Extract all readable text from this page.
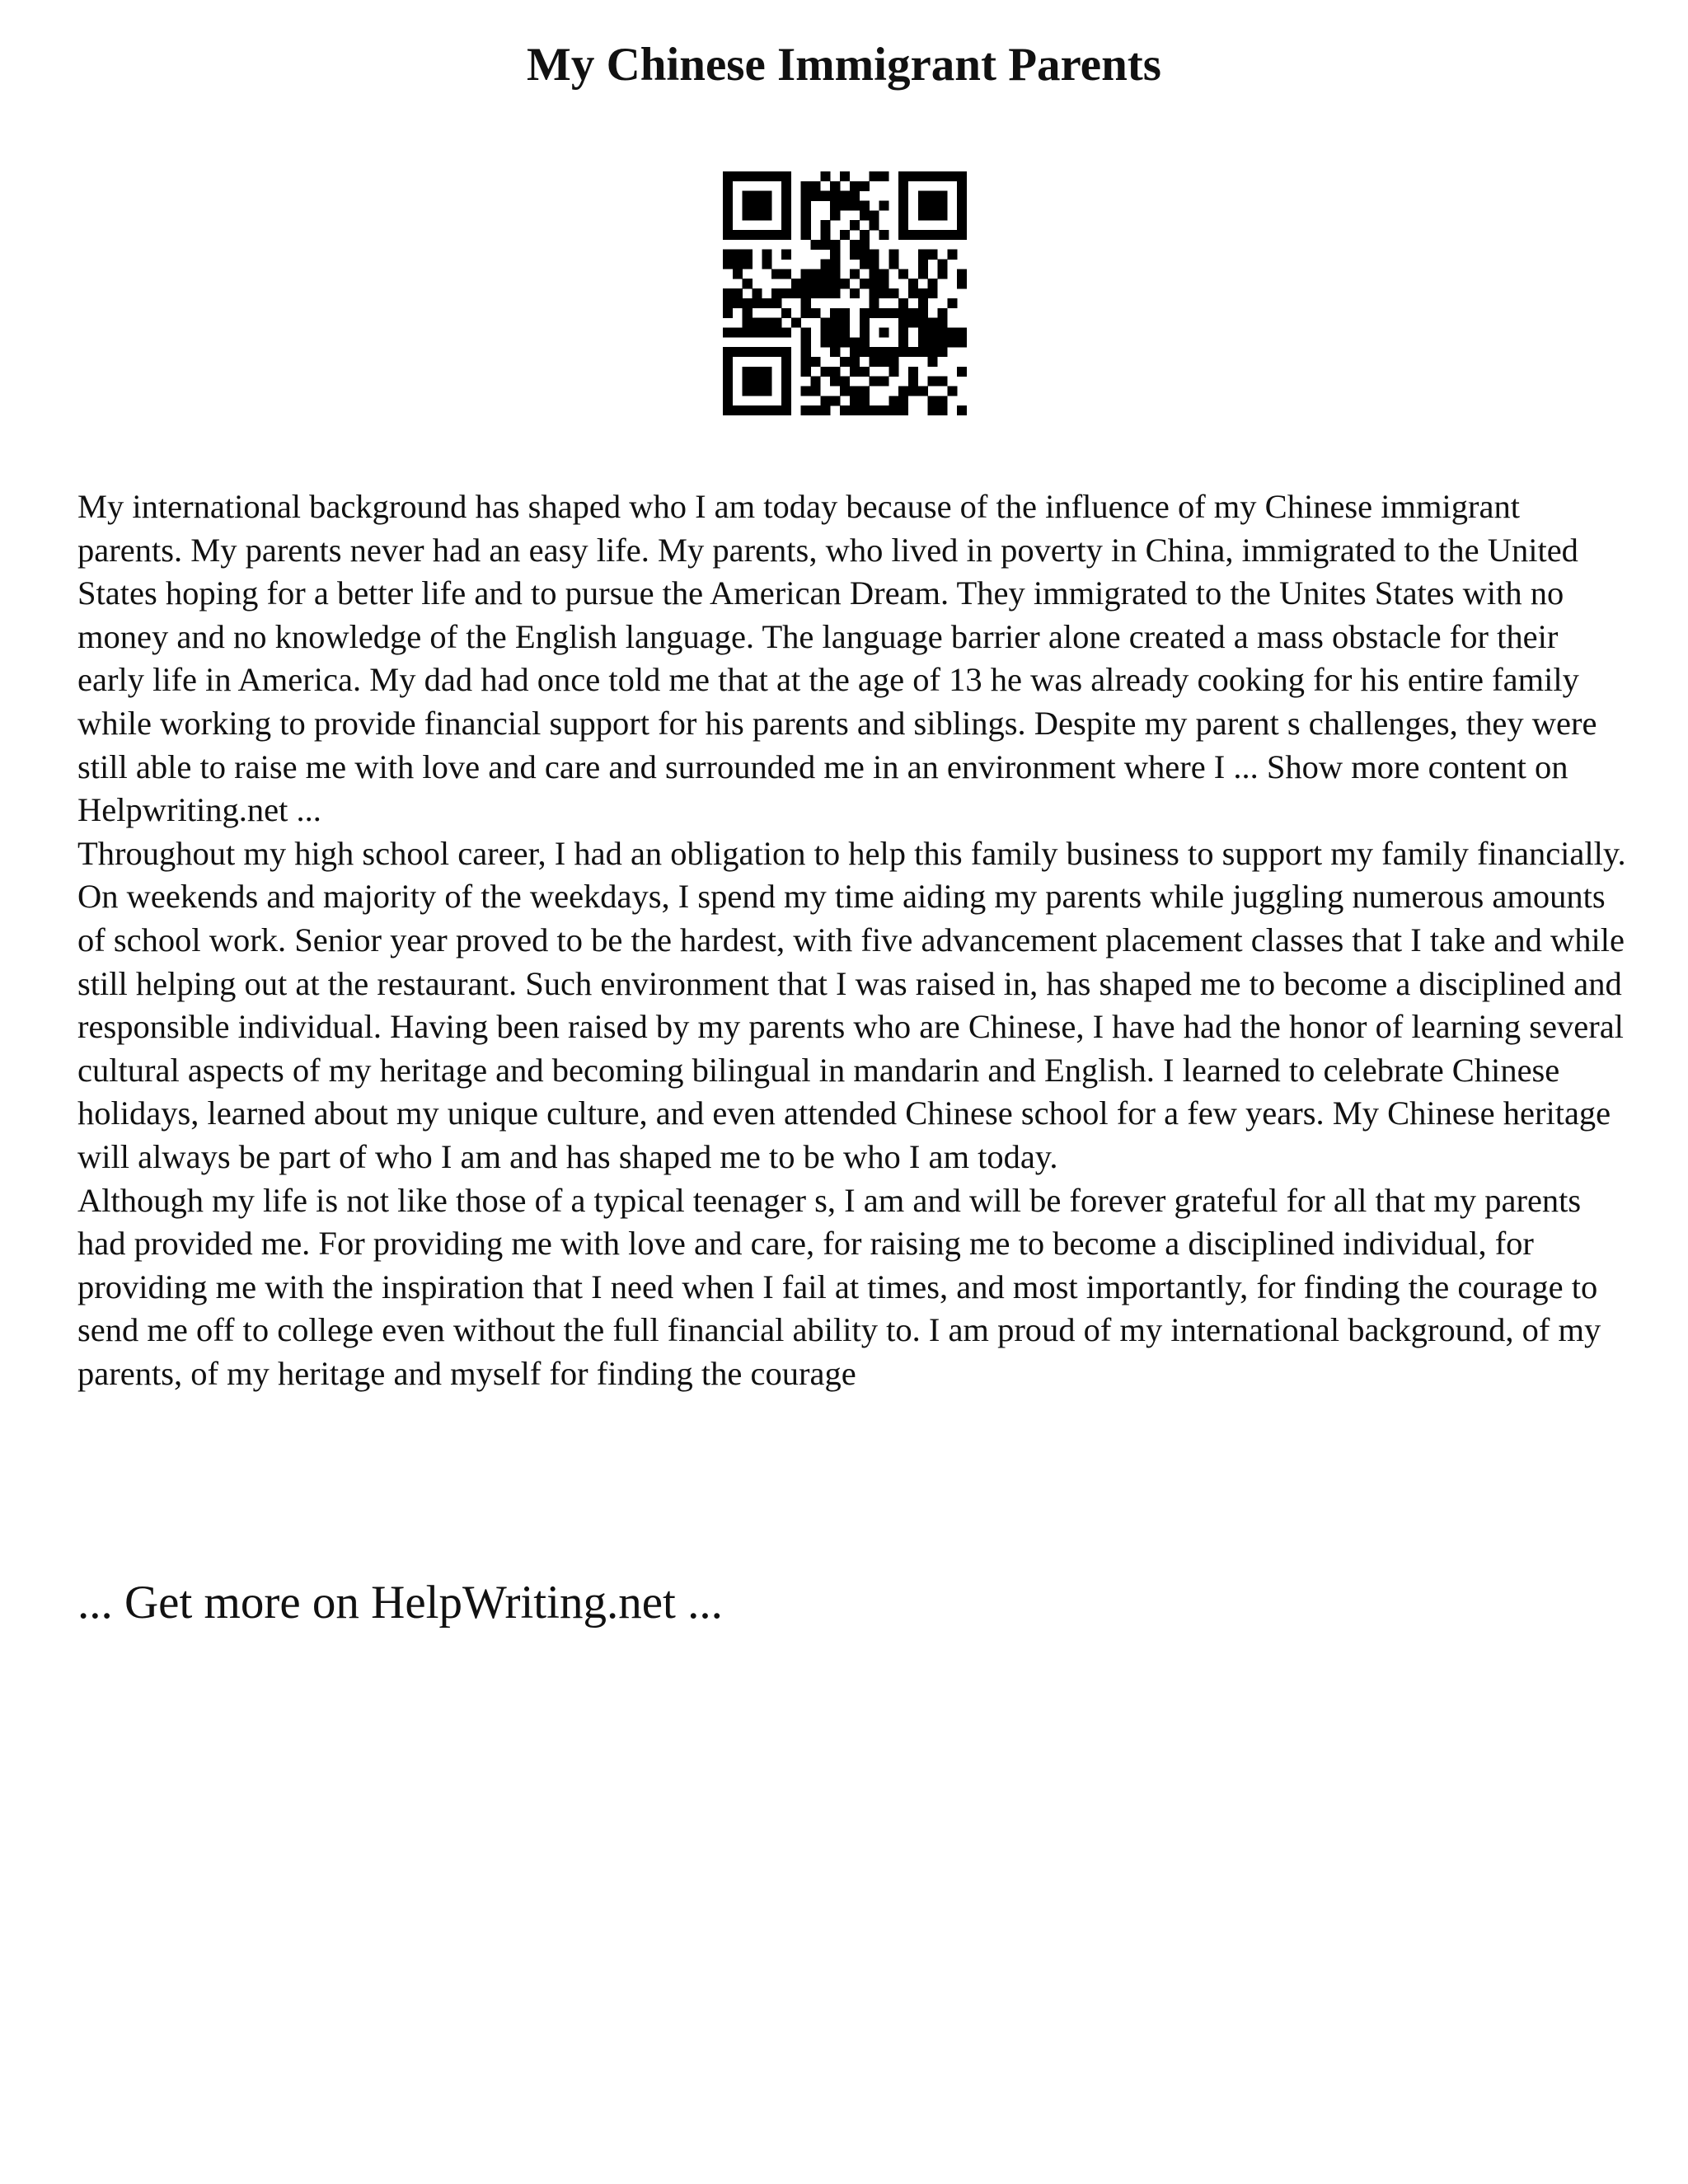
My Chinese Immigrant Parents

My international background has shaped who I am today because of the influence of my Chinese immigrant parents. My parents never had an easy life. My parents, who lived in poverty in China, immigrated to the United States hoping for a better life and to pursue the American Dream. They immigrated to the Unites States with no money and no knowledge of the English language. The language barrier alone created a mass obstacle for their early life in America. My dad had once told me that at the age of 13 he was already cooking for his entire family while working to provide financial support for his parents and siblings. Despite my parent s challenges, they were still able to raise me with love and care and surrounded me in an environment where I ... Show more content on Helpwriting.net ...

Throughout my high school career, I had an obligation to help this family business to support my family financially. On weekends and majority of the weekdays, I spend my time aiding my parents while juggling numerous amounts of school work. Senior year proved to be the hardest, with five advancement placement classes that I take and while still helping out at the restaurant. Such environment that I was raised in, has shaped me to become a disciplined and responsible individual. Having been raised by my parents who are Chinese, I have had the honor of learning several cultural aspects of my heritage and becoming bilingual in mandarin and English. I learned to celebrate Chinese holidays, learned about my unique culture, and even attended Chinese school for a few years. My Chinese heritage will always be part of who I am and has shaped me to be who I am today.

Although my life is not like those of a typical teenager s, I am and will be forever grateful for all that my parents had provided me. For providing me with love and care, for raising me to become a disciplined individual, for providing me with the inspiration that I need when I fail at times, and most importantly, for finding the courage to send me off to college even without the full financial ability to. I am proud of my international background, of my parents, of my heritage and myself for finding the courage

... Get more on HelpWriting.net ...
